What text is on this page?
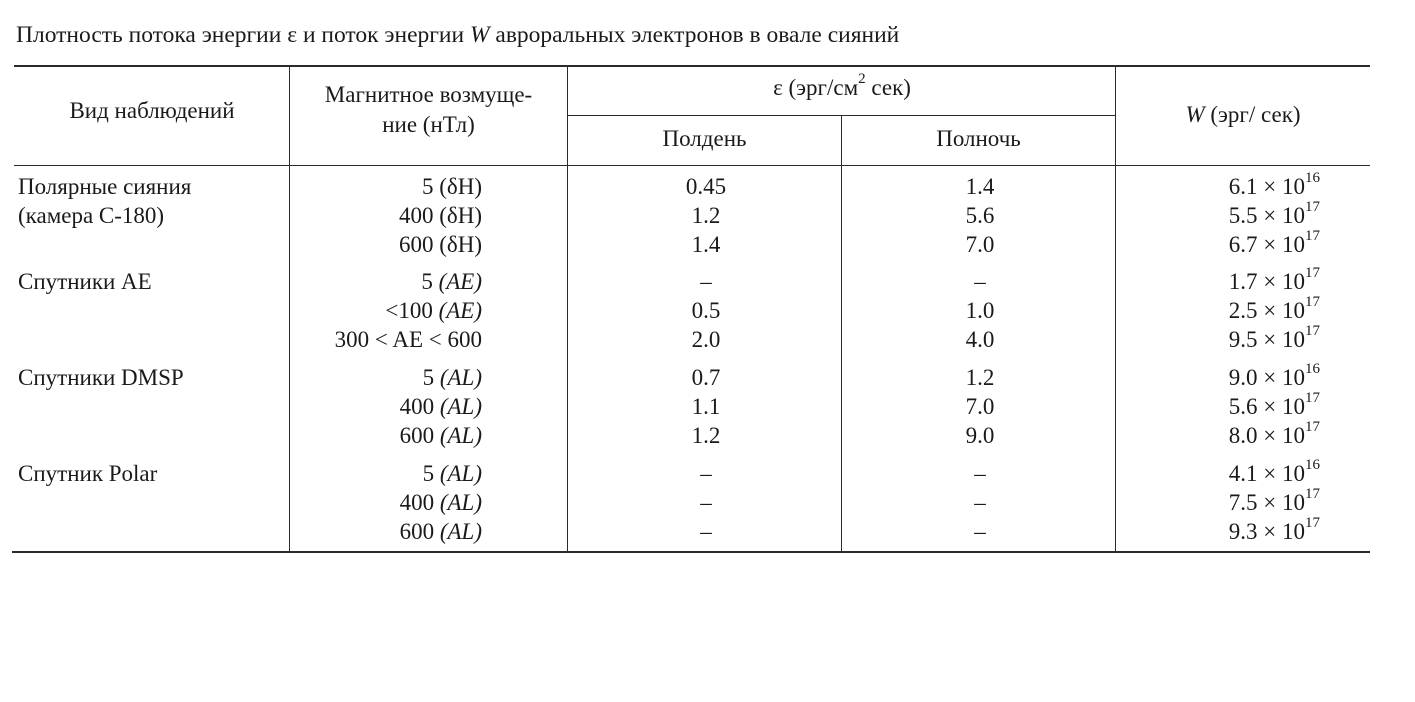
Плотность потока энергии ε и поток энергии W авроральных электронов в овале сияний
Вид наблюдений
Магнитное возмуще-
ние (нТл)
ε ($эрг/см^2$ сек)
Полдень	Полночь
W (эрг/ сек)
Полярные сияния
(камера С-180)
5 (δH)	0.45	1.4	$6.1 \times 10^{16}$
400 (δH)	1.2	5.6	$5.5 \times 10^{17}$
600 (δH)	1.4	7.0	$6.7 \times 10^{17}$
Спутники AE	5 (AE)	–	–	$1.7 \times 10^{17}$
<100 (AE)	0.5	1.0	$2.5 \times 10^{17}$
300 < AE < 600	2.0	4.0	$9.5 \times 10^{17}$
Спутники DMSP	5 (AL)	0.7	1.2	$9.0 \times 10^{16}$
400 (AL)	1.1	7.0	$5.6 \times 10^{17}$
600 (AL)	1.2	9.0	$8.0 \times 10^{17}$
Спутник Polar	5 (AL)	–	–	$4.1 \times 10^{16}$
400 (AL)	–	–	$7.5 \times 10^{17}$
600 (AL)	–	–	$9.3 \times 10^{17}$
